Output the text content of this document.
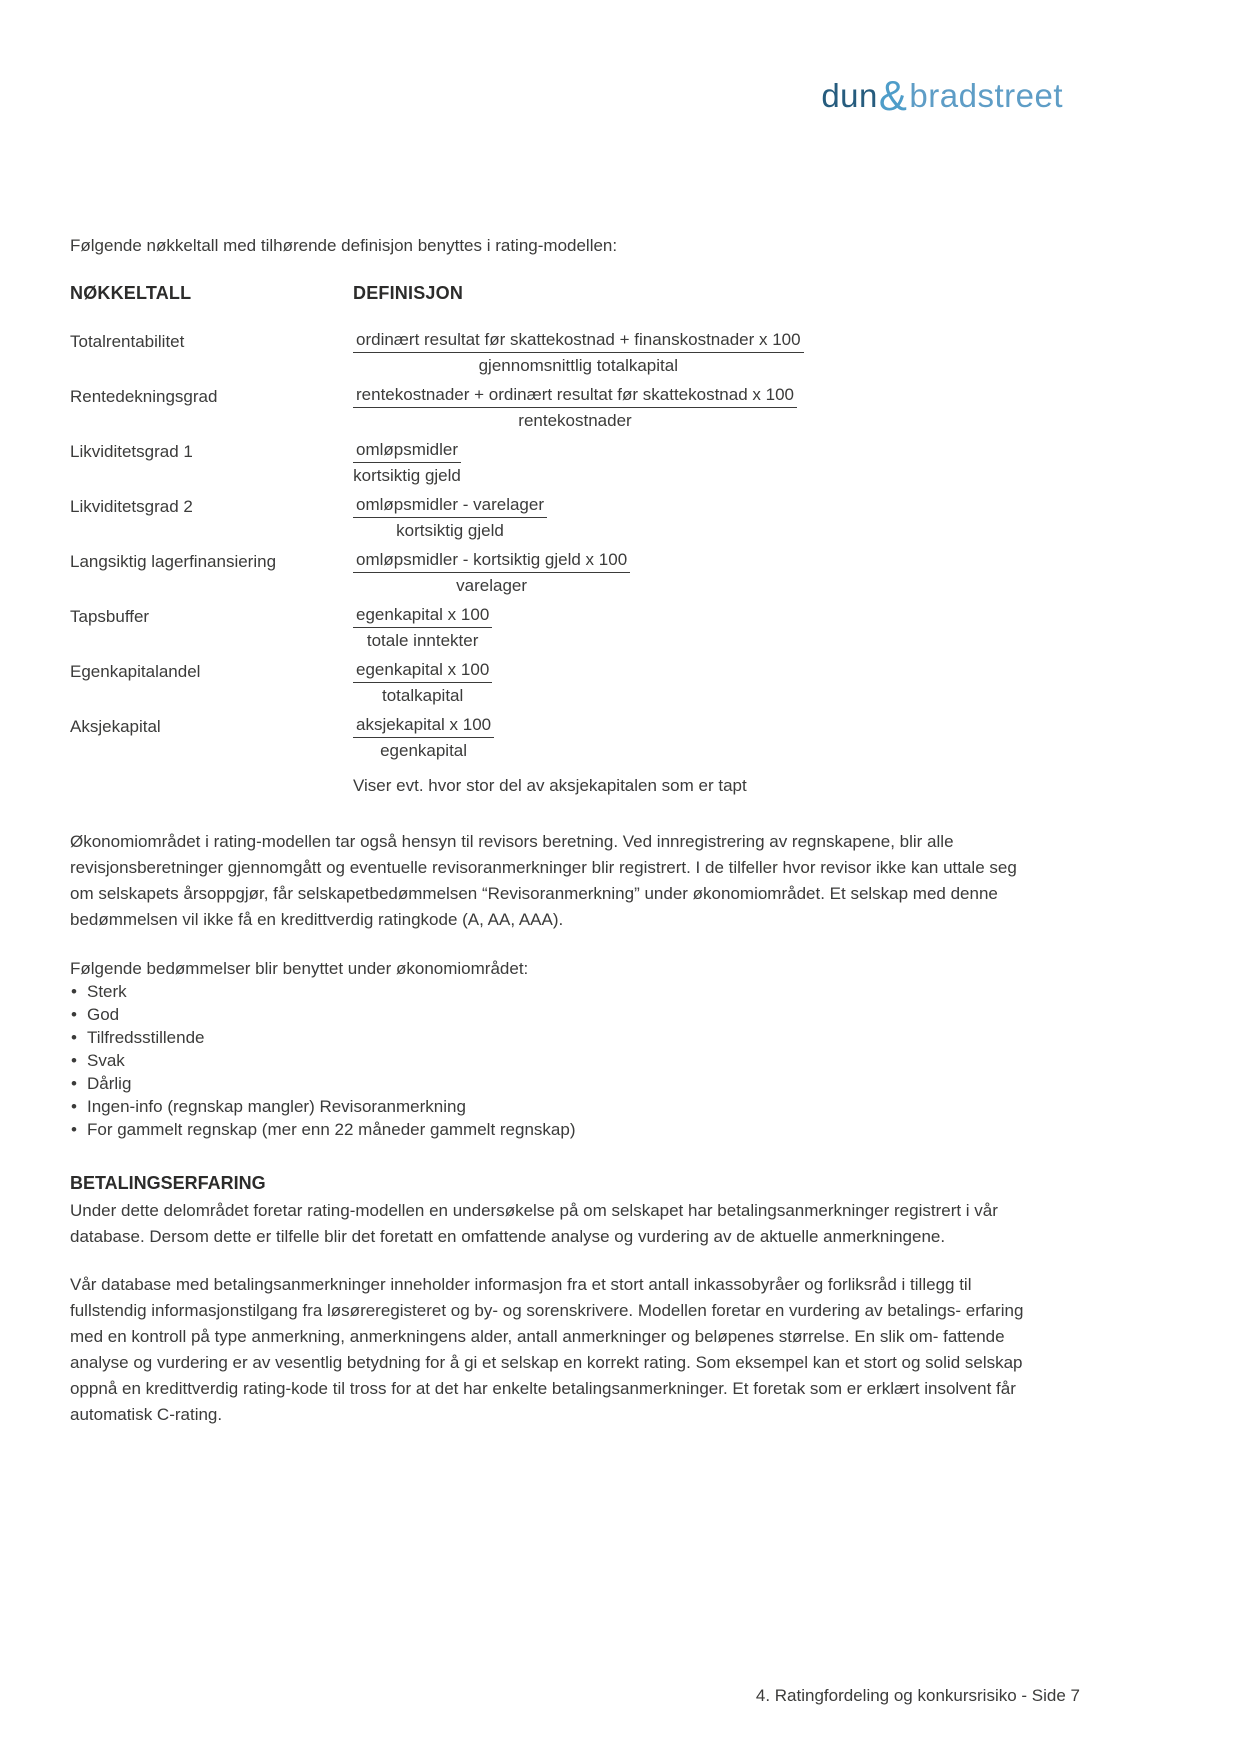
dun&bradstreet

Følgende nøkkeltall med tilhørende definisjon benyttes i rating-modellen:

NØKKELTALL	DEFINISJON
Totalrentabilitet	$\frac{\text{ordinært resultat før skattekostnad + finanskostnader x 100}}{\text{gjennomsnittlig totalkapital}}$
Rentedekningsgrad	$\frac{\text{rentekostnader + ordinært resultat før skattekostnad x 100}}{\text{rentekostnader}}$
Likviditetsgrad 1	$\frac{\text{omløpsmidler}}{\text{kortsiktig gjeld}}$
Likviditetsgrad 2	$\frac{\text{omløpsmidler - varelager}}{\text{kortsiktig gjeld}}$
Langsiktig lagerfinansiering	$\frac{\text{omløpsmidler - kortsiktig gjeld x 100}}{\text{varelager}}$
Tapsbuffer	$\frac{\text{egenkapital x 100}}{\text{totale inntekter}}$
Egenkapitalandel	$\frac{\text{egenkapital x 100}}{\text{totalkapital}}$
Aksjekapital	$\frac{\text{aksjekapital x 100}}{\text{egenkapital}}$
Viser evt. hvor stor del av aksjekapitalen som er tapt

Økonomiområdet i rating-modellen tar også hensyn til revisors beretning. Ved innregistrering av regnskapene, blir alle revisjonsberetninger gjennomgått og eventuelle revisoranmerkninger blir registrert. I de tilfeller hvor revisor ikke kan uttale seg om selskapets årsoppgjør, får selskapetbedømmelsen “Revisoranmerkning” under økonomiområdet. Et selskap med denne bedømmelsen vil ikke få en kredittverdig ratingkode (A, AA, AAA).

Følgende bedømmelser blir benyttet under økonomiområdet:
• Sterk
• God
• Tilfredsstillende
• Svak
• Dårlig
• Ingen-info (regnskap mangler) Revisoranmerkning
• For gammelt regnskap (mer enn 22 måneder gammelt regnskap)
BETALINGSERFARING

Under dette delområdet foretar rating-modellen en undersøkelse på om selskapet har betalingsanmerkninger registrert i vår database. Dersom dette er tilfelle blir det foretatt en omfattende analyse og vurdering av de aktuelle anmerkningene.

Vår database med betalingsanmerkninger inneholder informasjon fra et stort antall inkassobyråer og forliksråd i tillegg til fullstendig informasjonstilgang fra løsøreregisteret og by- og sorenskrivere. Modellen foretar en vurdering av betalings- erfaring med en kontroll på type anmerkning, anmerkningens alder, antall anmerkninger og beløpenes størrelse. En slik om- fattende analyse og vurdering er av vesentlig betydning for å gi et selskap en korrekt rating. Som eksempel kan et stort og solid selskap oppnå en kredittverdig rating-kode til tross for at det har enkelte betalingsanmerkninger. Et foretak som er erklært insolvent får automatisk C-rating.

4. Ratingfordeling og konkursrisiko - Side 7
